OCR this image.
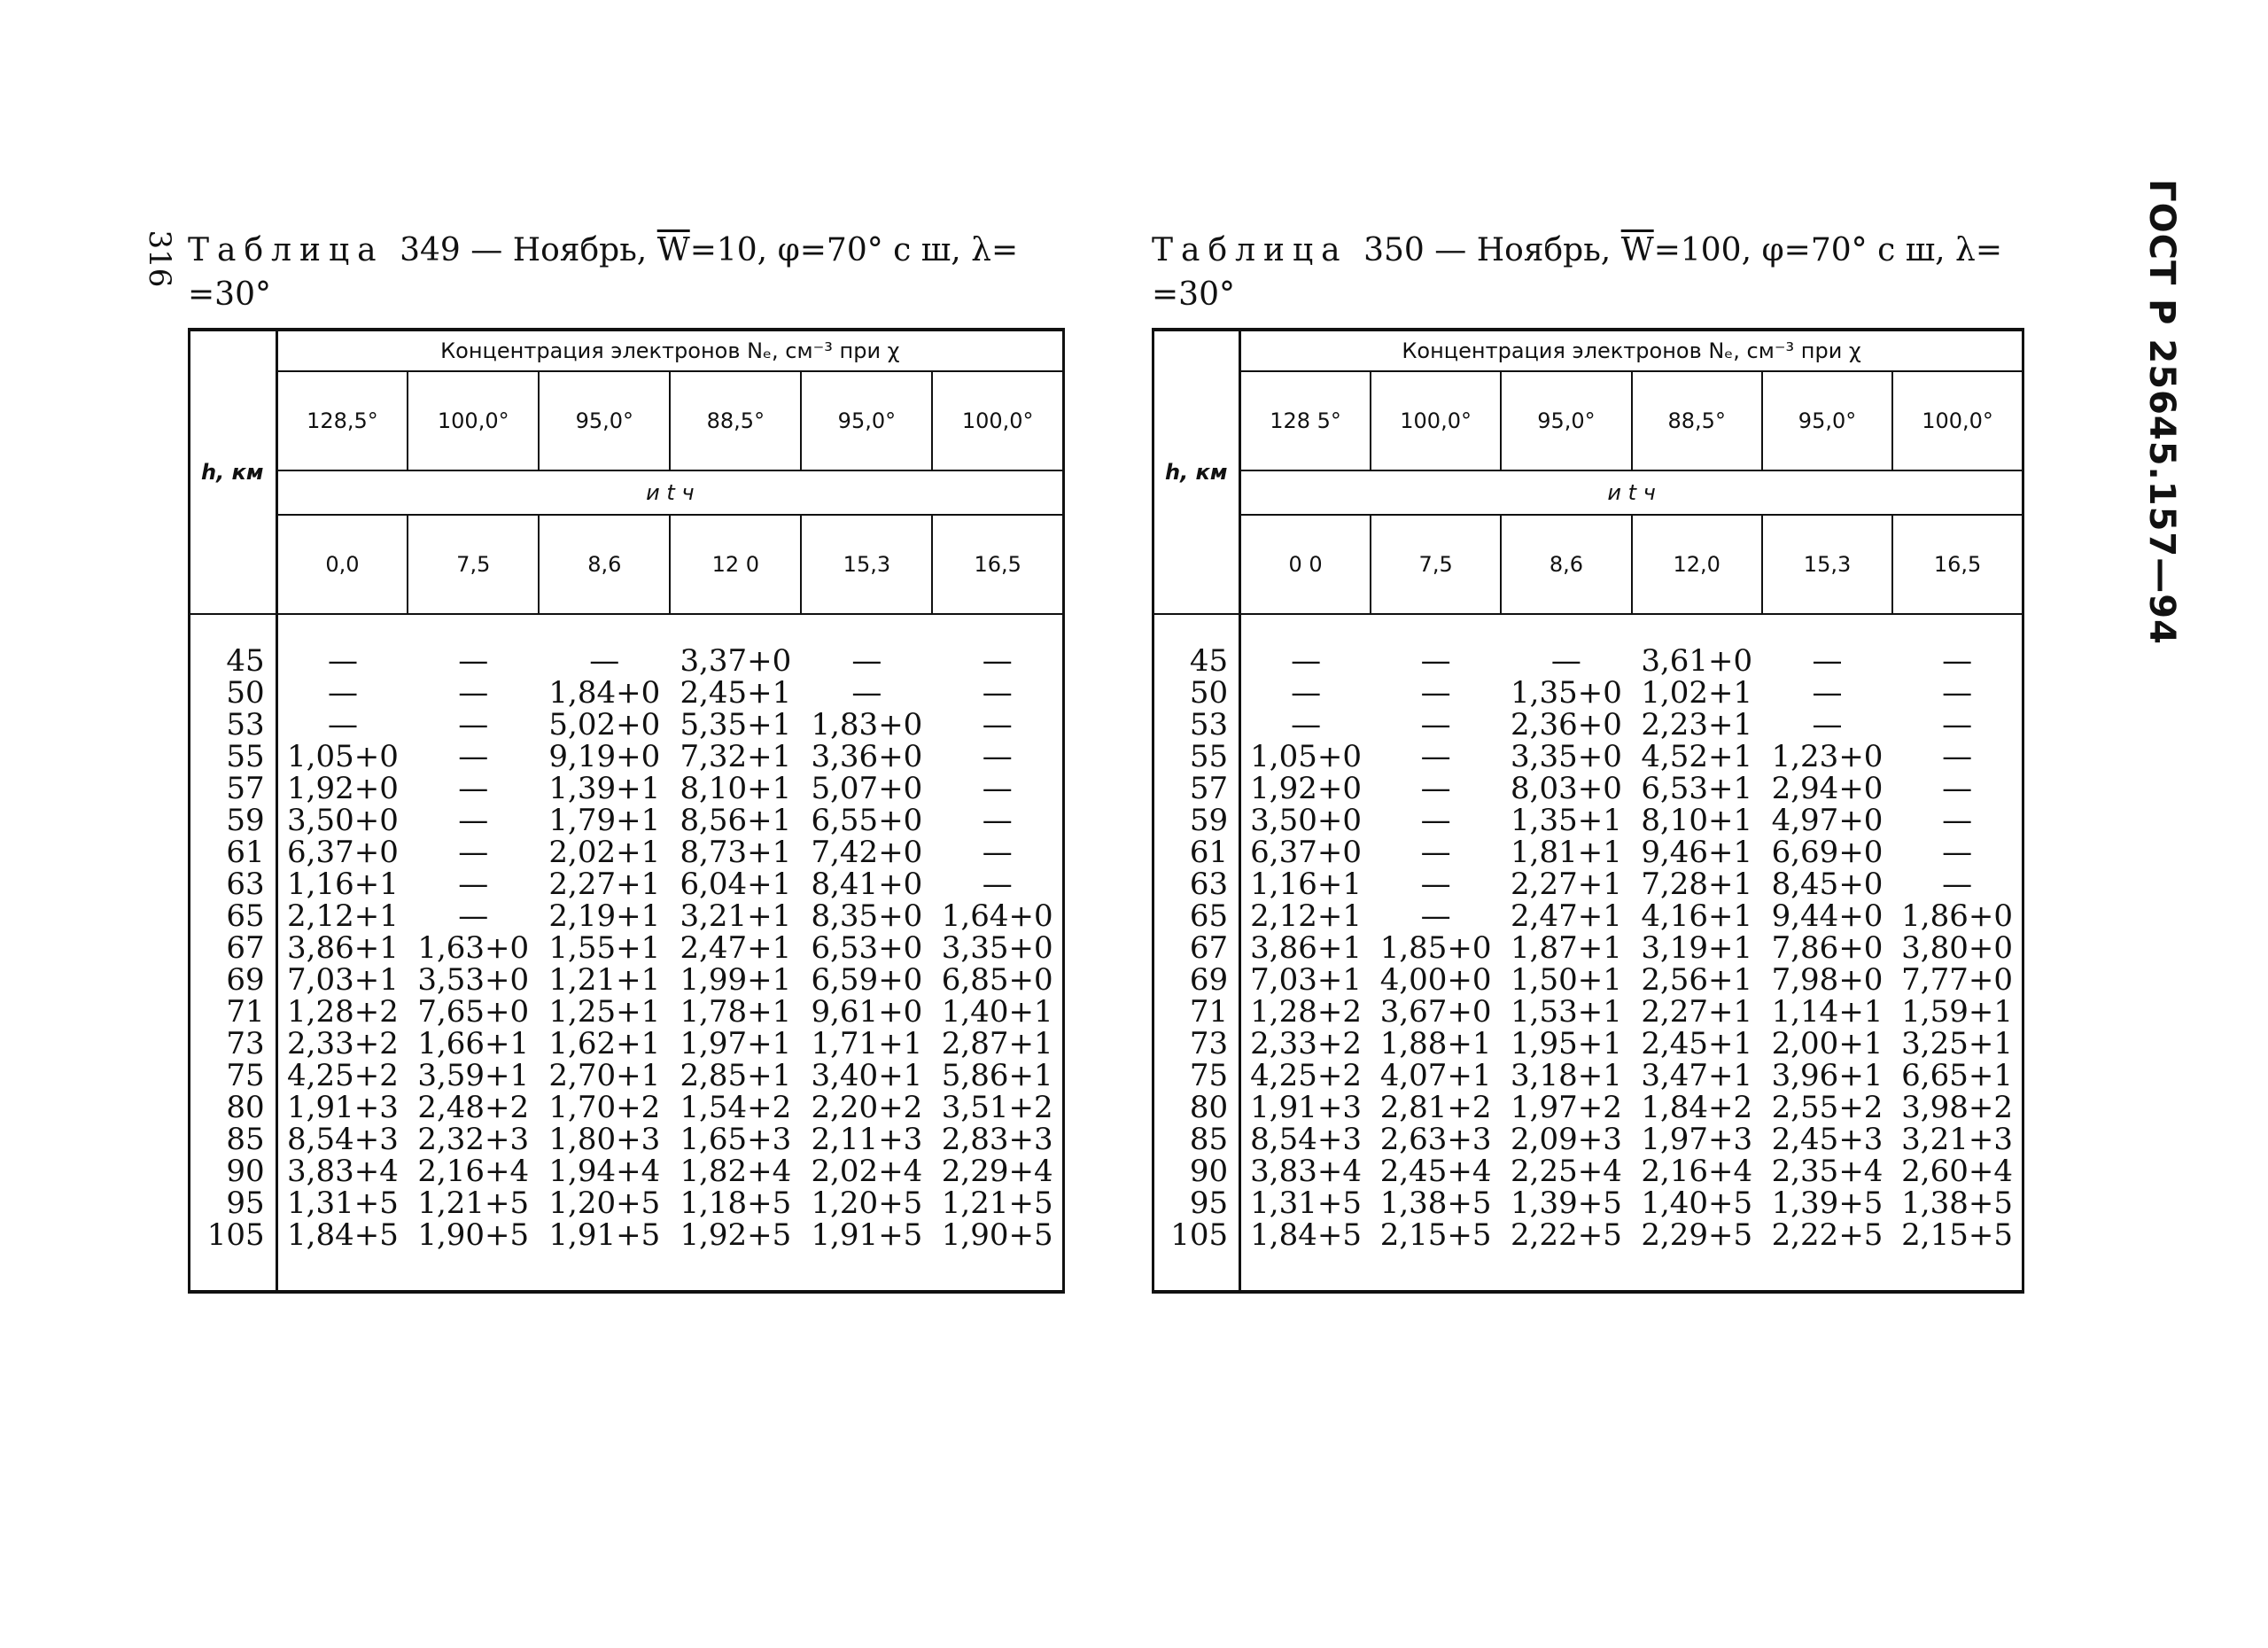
316	ГОСТ Р 25645.157—94
Таблица 349 — Ноябрь, $\overline{W}=10$, φ=70° с ш, λ=
=30°
h, км	Концентрация электронов Nₑ, см⁻³ при χ					
	128,5°	100,0°	95,0°	88,5°	95,0°	100,0°
	и t ч					
	0,0	7,5	8,6	12 0	15,3	16,5
45	—	—	—	3,37+0	—	—
50	—	—	1,84+0	2,45+1	—	—
53	—	—	5,02+0	5,35+1	1,83+0	—
55	1,05+0	—	9,19+0	7,32+1	3,36+0	—
57	1,92+0	—	1,39+1	8,10+1	5,07+0	—
59	3,50+0	—	1,79+1	8,56+1	6,55+0	—
61	6,37+0	—	2,02+1	8,73+1	7,42+0	—
63	1,16+1	—	2,27+1	6,04+1	8,41+0	—
65	2,12+1	—	2,19+1	3,21+1	8,35+0	1,64+0
67	3,86+1	1,63+0	1,55+1	2,47+1	6,53+0	3,35+0
69	7,03+1	3,53+0	1,21+1	1,99+1	6,59+0	6,85+0
71	1,28+2	7,65+0	1,25+1	1,78+1	9,61+0	1,40+1
73	2,33+2	1,66+1	1,62+1	1,97+1	1,71+1	2,87+1
75	4,25+2	3,59+1	2,70+1	2,85+1	3,40+1	5,86+1
80	1,91+3	2,48+2	1,70+2	1,54+2	2,20+2	3,51+2
85	8,54+3	2,32+3	1,80+3	1,65+3	2,11+3	2,83+3
90	3,83+4	2,16+4	1,94+4	1,82+4	2,02+4	2,29+4
95	1,31+5	1,21+5	1,20+5	1,18+5	1,20+5	1,21+5
105	1,84+5	1,90+5	1,91+5	1,92+5	1,91+5	1,90+5
Таблица 350 — Ноябрь, $\overline{W}=100$, φ=70° с ш, λ=
=30°
h, км	Концентрация электронов Nₑ, см⁻³ при χ					
	128 5°	100,0°	95,0°	88,5°	95,0°	100,0°
	и t ч					
	0 0	7,5	8,6	12,0	15,3	16,5
45	—	—	—	3,61+0	—	—
50	—	—	1,35+0	1,02+1	—	—
53	—	—	2,36+0	2,23+1	—	—
55	1,05+0	—	3,35+0	4,52+1	1,23+0	—
57	1,92+0	—	8,03+0	6,53+1	2,94+0	—
59	3,50+0	—	1,35+1	8,10+1	4,97+0	—
61	6,37+0	—	1,81+1	9,46+1	6,69+0	—
63	1,16+1	—	2,27+1	7,28+1	8,45+0	—
65	2,12+1	—	2,47+1	4,16+1	9,44+0	1,86+0
67	3,86+1	1,85+0	1,87+1	3,19+1	7,86+0	3,80+0
69	7,03+1	4,00+0	1,50+1	2,56+1	7,98+0	7,77+0
71	1,28+2	3,67+0	1,53+1	2,27+1	1,14+1	1,59+1
73	2,33+2	1,88+1	1,95+1	2,45+1	2,00+1	3,25+1
75	4,25+2	4,07+1	3,18+1	3,47+1	3,96+1	6,65+1
80	1,91+3	2,81+2	1,97+2	1,84+2	2,55+2	3,98+2
85	8,54+3	2,63+3	2,09+3	1,97+3	2,45+3	3,21+3
90	3,83+4	2,45+4	2,25+4	2,16+4	2,35+4	2,60+4
95	1,31+5	1,38+5	1,39+5	1,40+5	1,39+5	1,38+5
105	1,84+5	2,15+5	2,22+5	2,29+5	2,22+5	2,15+5
